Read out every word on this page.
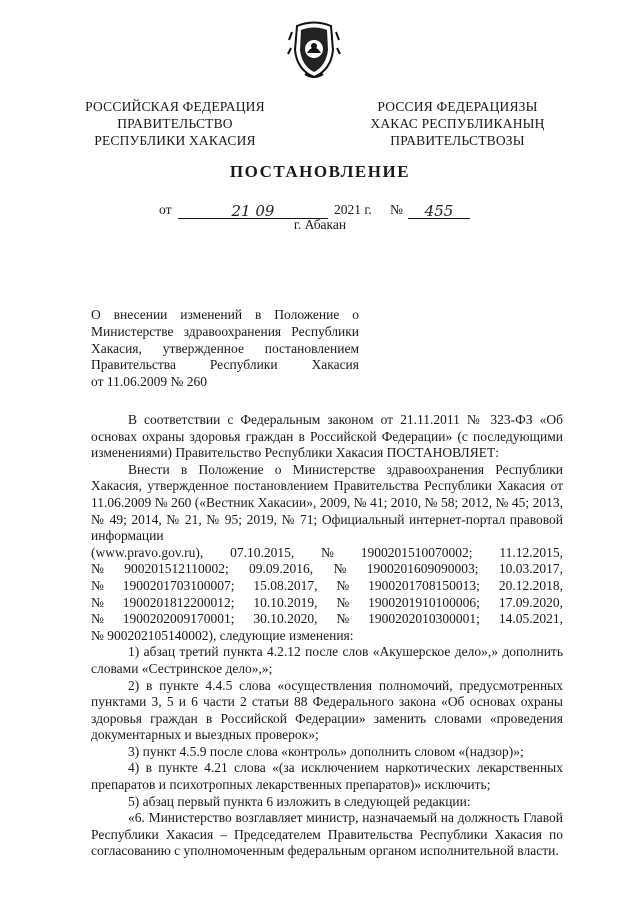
РОССИЙСКАЯ ФЕДЕРАЦИЯ
ПРАВИТЕЛЬСТВО
РЕСПУБЛИКИ ХАКАСИЯ
РОССИЯ ФЕДЕРАЦИЯЗЫ
ХАКАС РЕСПУБЛИКАНЫҢ
ПРАВИТЕЛЬСТВОЗЫ
ПОСТАНОВЛЕНИЕ
от	21 09	2021 г. №	455
г. Абакан
О внесении изменений в Положение о
Министерстве здравоохранения Республики
Хакасия, утвержденное постановлением
Правительства Республики Хакасия
от 11.06.2009 № 260

В соответствии с Федеральным законом от 21.11.2011 № 323-ФЗ «Об основах охраны здоровья граждан в Российской Федерации» (с последующими изменениями) Правительство Республики Хакасия ПОСТАНОВЛЯЕТ:

Внести в Положение о Министерстве здравоохранения Республики Хакасия, утвержденное постановлением Правительства Республики Хакасия от 11.06.2009 № 260 («Вестник Хакасии», 2009, № 41; 2010, № 58; 2012, № 45; 2013, № 49; 2014, № 21, № 95; 2019, № 71; Официальный интернет-портал правовой информации

(www.pravo.gov.ru), 07.10.2015, № 1900201510070002; 11.12.2015,
№ 900201512110002; 09.09.2016, № 1900201609090003; 10.03.2017,
№ 1900201703100007; 15.08.2017, № 1900201708150013; 20.12.2018,
№ 1900201812200012; 10.10.2019, № 1900201910100006; 17.09.2020,
№ 1900202009170001; 30.10.2020, № 1900202010300001; 14.05.2021,

№ 900202105140002), следующие изменения:

1) абзац третий пункта 4.2.12 после слов «Акушерское дело»,» дополнить словами «Сестринское дело»,»;

2) в пункте 4.4.5 слова «осуществления полномочий, предусмотренных пунктами 3, 5 и 6 части 2 статьи 88 Федерального закона «Об основах охраны здоровья граждан в Российской Федерации» заменить словами «проведения документарных и выездных проверок»;

3) пункт 4.5.9 после слова «контроль» дополнить словом «(надзор)»;

4) в пункте 4.21 слова «(за исключением наркотических лекарственных препаратов и психотропных лекарственных препаратов)» исключить;

5) абзац первый пункта 6 изложить в следующей редакции:

«6. Министерство возглавляет министр, назначаемый на должность Главой Республики Хакасия – Председателем Правительства Республики Хакасия по согласованию с уполномоченным федеральным органом исполнительной власти.
